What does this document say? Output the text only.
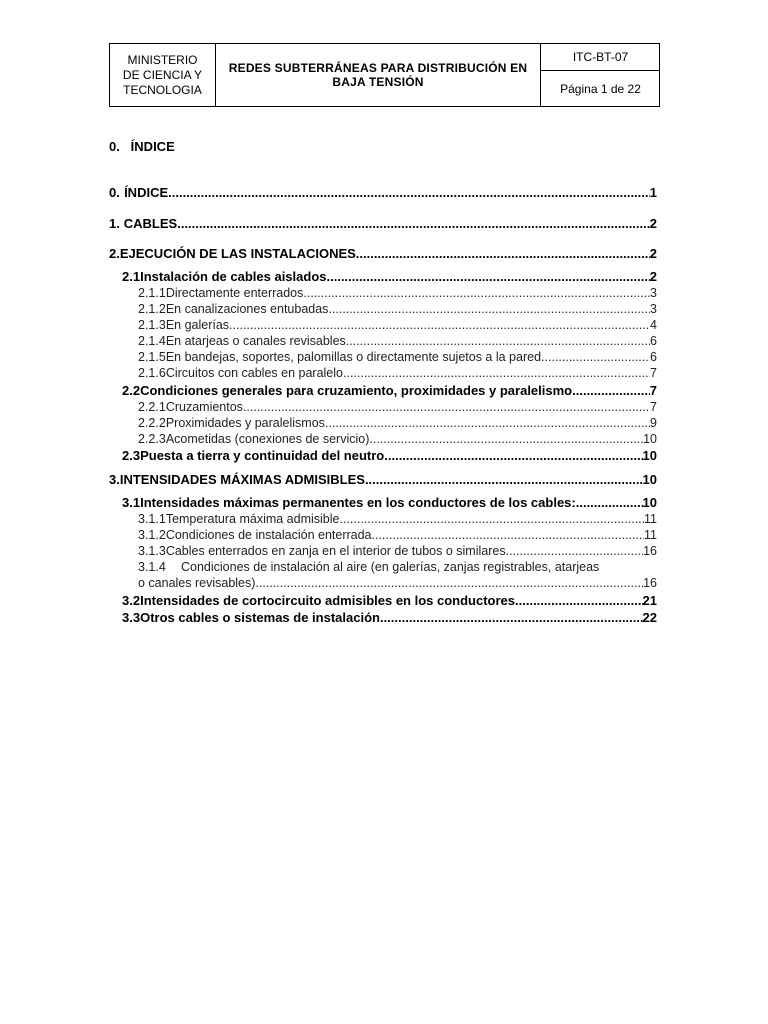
MINISTERIO
DE CIENCIA Y
TECNOLOGIA
REDES SUBTERRÁNEAS PARA DISTRIBUCIÓN EN
BAJA TENSIÓN
ITC-BT-07
Página 1 de 22
0.   ÍNDICE
0. ÍNDICE .....	1
1. CABLES .....	2
2. EJECUCIÓN DE LAS INSTALACIONES .....	2
2.1 Instalación de cables aislados .....	2
2.1.1 Directamente enterrados .....	3
2.1.2 En canalizaciones entubadas .....	3
2.1.3 En galerías .....	4
2.1.4 En atarjeas o canales revisables .....	6
2.1.5 En bandejas, soportes, palomillas o directamente sujetos a la pared .....	6
2.1.6 Circuitos con cables en paralelo .....	7
2.2 Condiciones generales para cruzamiento, proximidades y paralelismo .....	7
2.2.1 Cruzamientos .....	7
2.2.2 Proximidades y paralelismos .....	9
2.2.3 Acometidas (conexiones de servicio) .....	10
2.3 Puesta a tierra y continuidad del neutro .....	10
3. INTENSIDADES MÁXIMAS ADMISIBLES .....	10
3.1 Intensidades máximas permanentes en los conductores de los cables: .....	10
3.1.1 Temperatura máxima admisible .....	11
3.1.2 Condiciones de instalación enterrada .....	11
3.1.3 Cables enterrados en zanja en el interior de tubos o similares. .....	16
3.1.4 Condiciones de instalación al aire (en galerías, zanjas registrables, atarjeas
o canales revisables) .....	16
3.2 Intensidades de cortocircuito admisibles en los conductores .....	21
3.3 Otros cables o sistemas de instalación .....	22
